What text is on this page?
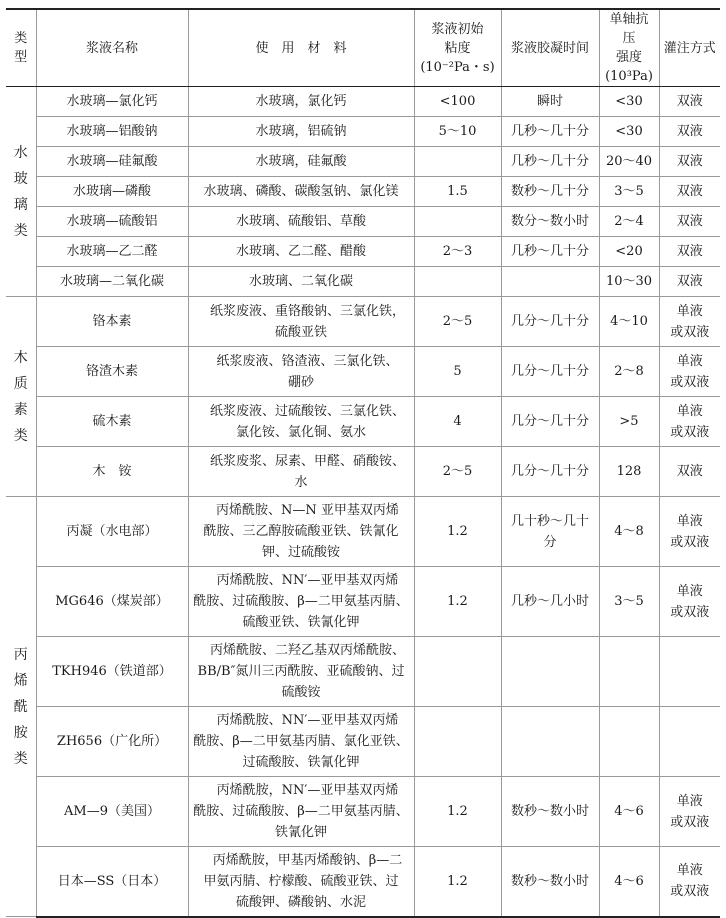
类
型	浆液名称	使　用　材　料	浆液初始
粘度
(10⁻²Pa・s)	浆液胶凝时间	单轴抗压
强度
(10³Pa)	灌注方式

水
玻
璃
类	水玻璃—氯化钙	水玻璃，氯化钙	<100	瞬时	<30	双液
	水玻璃—铝酸钠	水玻璃，铝硫钠	5～10	几秒～几十分	<30	双液
	水玻璃—硅氟酸	水玻璃，硅氟酸		几秒～几十分	20～40	双液
	水玻璃—磷酸	水玻璃、磷酸、碳酸氢钠、氯化镁	1.5	数秒～几十分	3～5	双液
	水玻璃—硫酸铝	水玻璃、硫酸铝、草酸		数分～数小时	2～4	双液
	水玻璃—乙二醛	水玻璃、乙二醛、醋酸	2～3	几秒～几十分	<20	双液
	水玻璃—二氧化碳	水玻璃、二氧化碳			10～30	双液

木
质
素
类	铬本素	　纸浆废液、重铬酸钠、三氯化铁，
硫酸亚铁	2～5	几分～几十分	4～10	单液
或双液
	铬渣木素	　纸浆废液、铬渣液、三氯化铁、
硼砂	5	几分～几十分	2～8	单液
或双液
	硫木素	　纸浆废液、过硫酸铵、三氯化铁、
氯化铵、氯化铜、氨水	4	几分～几十分	>5	单液
或双液
	木　铵	　纸浆废浆、尿素、甲醛、硝酸铵、
水	2～5	几分～几十分	128	双液

丙
烯
酰
胺
类	丙凝（水电部）	　丙烯酰胺、N—N 亚甲基双丙烯
酰胺、三乙醇胺硫酸亚铁、铁氰化
钾、过硫酸铵	1.2	几十秒～几十分	4～8	单液
或双液
	MG646（煤炭部）	　丙烯酰胺、NN′—亚甲基双丙烯
酰胺、过硫酸胺、β—二甲氨基丙腈、
硫酸亚铁、铁氰化钾	1.2	几秒～几小时	3～5	单液
或双液
	TKH946（铁道部）	　丙烯酰胺、二羟乙基双丙烯酰胺、
BB/B″氮川三丙酰胺、亚硫酸钠、过
硫酸铵				
	ZH656（广化所）	　丙烯酰胺、NN′—亚甲基双丙烯
酰胺、β—二甲氨基丙腈、氯化亚铁、
过硫酸胺、铁氰化钾				
	AM—9（美国）	　丙烯酰胺，NN′—亚甲基双丙烯
酰胺、过硫酸胺、β—二甲氨基丙腈、
铁氰化钾	1.2	数秒～数小时	4～6	单液
或双液
	日本—SS（日本）	　丙烯酰胺，甲基丙烯酸钠、β—二
甲氨丙腈、柠檬酸、硫酸亚铁、过
硫酸钾、磷酸钠、水泥	1.2	数秒～数小时	4～6	单液
或双液
